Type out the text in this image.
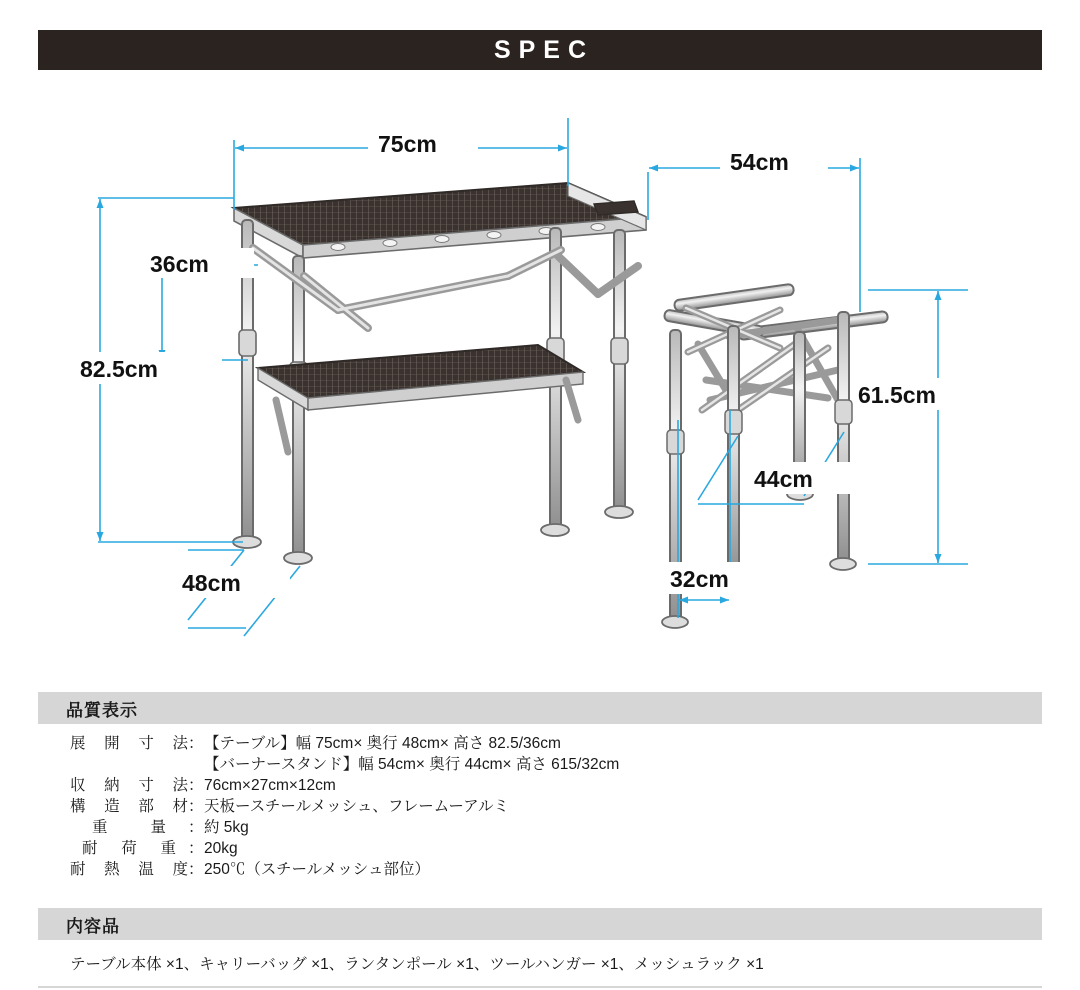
SPEC
75cm
54cm
36cm
82.5cm
61.5cm
48cm
44cm
32cm
品質表示
展 開 寸 法 ： 【テーブル】幅 75cm× 奥行 48cm× 高さ 82.5/36cm
【バーナースタンド】幅 54cm× 奥行 44cm× 高さ 615/32cm
収 納 寸 法 ： 76cm×27cm×12cm
構 造 部 材 ： 天板ースチールメッシュ、フレームーアルミ
重	量 ： 約 5kg
耐 荷 重 ： 20kg
耐 熱 温 度 ： 250℃（スチールメッシュ部位）
内容品
テーブル本体 ×1、キャリーバッグ ×1、ランタンポール ×1、ツールハンガー ×1、メッシュラック ×1
